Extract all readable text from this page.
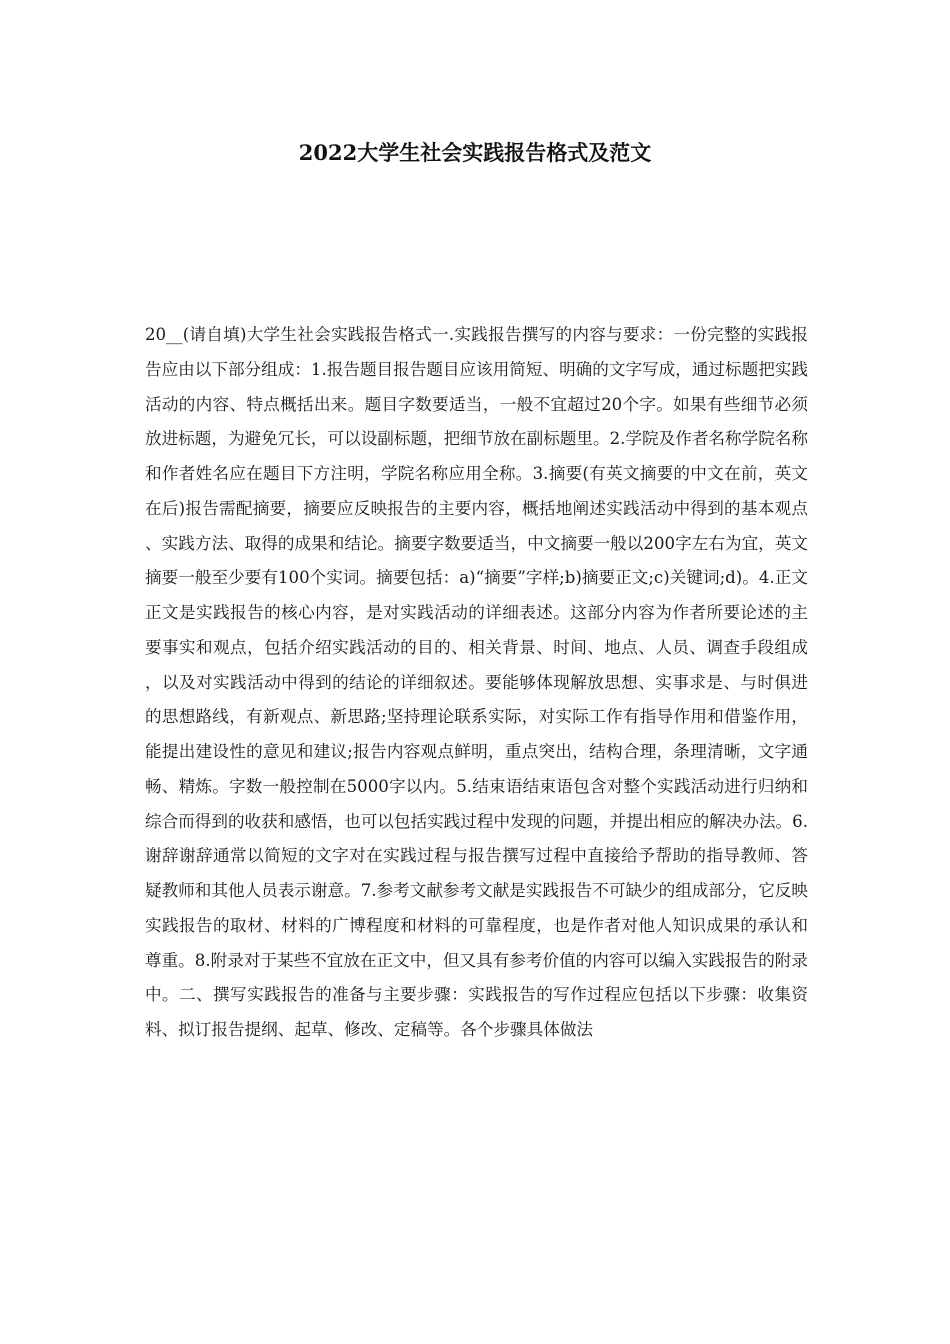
2022大学生社会实践报告格式及范文

20__(请自填)大学生社会实践报告格式一.实践报告撰写的内容与要求：一份完整的实践报告应由以下部分组成：1.报告题目报告题目应该用简短、明确的文字写成，通过标题把实践活动的内容、特点概括出来。题目字数要适当，一般不宜超过20个字。如果有些细节必须放进标题，为避免冗长，可以设副标题，把细节放在副标题里。2.学院及作者名称学院名称和作者姓名应在题目下方注明，学院名称应用全称。3.摘要(有英文摘要的中文在前，英文在后)报告需配摘要，摘要应反映报告的主要内容，概括地阐述实践活动中得到的基本观点、实践方法、取得的成果和结论。摘要字数要适当，中文摘要一般以200字左右为宜，英文摘要一般至少要有100个实词。摘要包括：a)“摘要”字样;b)摘要正文;c)关键词;d)。4.正文正文是实践报告的核心内容，是对实践活动的详细表述。这部分内容为作者所要论述的主要事实和观点，包括介绍实践活动的目的、相关背景、时间、地点、人员、调查手段组成，以及对实践活动中得到的结论的详细叙述。要能够体现解放思想、实事求是、与时俱进的思想路线，有新观点、新思路;坚持理论联系实际，对实际工作有指导作用和借鉴作用，能提出建设性的意见和建议;报告内容观点鲜明，重点突出，结构合理，条理清晰，文字通畅、精炼。字数一般控制在5000字以内。5.结束语结束语包含对整个实践活动进行归纳和综合而得到的收获和感悟，也可以包括实践过程中发现的问题，并提出相应的解决办法。6.谢辞谢辞通常以简短的文字对在实践过程与报告撰写过程中直接给予帮助的指导教师、答疑教师和其他人员表示谢意。7.参考文献参考文献是实践报告不可缺少的组成部分，它反映实践报告的取材、材料的广博程度和材料的可靠程度，也是作者对他人知识成果的承认和尊重。8.附录对于某些不宜放在正文中，但又具有参考价值的内容可以编入实践报告的附录中。二、撰写实践报告的准备与主要步骤：实践报告的写作过程应包括以下步骤：收集资料、拟订报告提纲、起草、修改、定稿等。各个步骤具体做法
